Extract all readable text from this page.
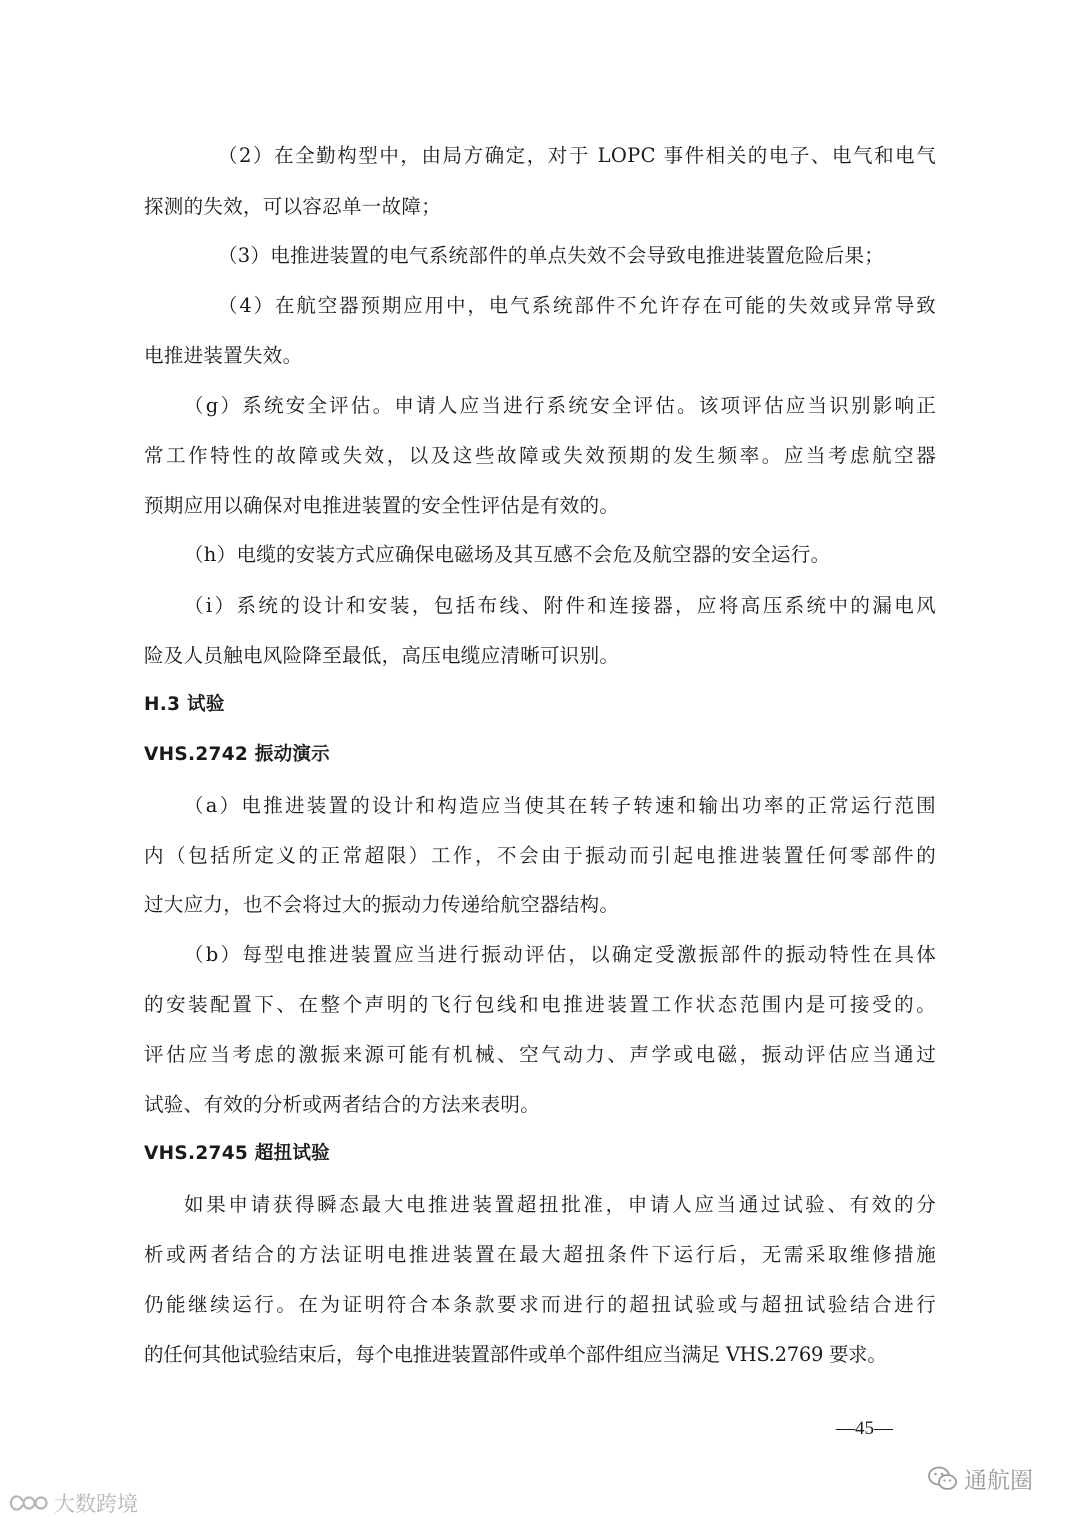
（2）在全勤构型中，由局方确定，对于 LOPC 事件相关的电子、电气和电气
探测的失效，可以容忍单一故障；
（3）电推进装置的电气系统部件的单点失效不会导致电推进装置危险后果；
（4）在航空器预期应用中，电气系统部件不允许存在可能的失效或异常导致
电推进装置失效。
（g）系统安全评估。申请人应当进行系统安全评估。该项评估应当识别影响正
常工作特性的故障或失效，以及这些故障或失效预期的发生频率。应当考虑航空器
预期应用以确保对电推进装置的安全性评估是有效的。
（h）电缆的安装方式应确保电磁场及其互感不会危及航空器的安全运行。
（i）系统的设计和安装，包括布线、附件和连接器，应将高压系统中的漏电风
险及人员触电风险降至最低，高压电缆应清晰可识别。
H.3 试验
VHS.2742 振动演示
（a）电推进装置的设计和构造应当使其在转子转速和输出功率的正常运行范围
内（包括所定义的正常超限）工作，不会由于振动而引起电推进装置任何零部件的
过大应力，也不会将过大的振动力传递给航空器结构。
（b）每型电推进装置应当进行振动评估，以确定受激振部件的振动特性在具体
的安装配置下、在整个声明的飞行包线和电推进装置工作状态范围内是可接受的。
评估应当考虑的激振来源可能有机械、空气动力、声学或电磁，振动评估应当通过
试验、有效的分析或两者结合的方法来表明。
VHS.2745 超扭试验
如果申请获得瞬态最大电推进装置超扭批准，申请人应当通过试验、有效的分
析或两者结合的方法证明电推进装置在最大超扭条件下运行后，无需采取维修措施
仍能继续运行。在为证明符合本条款要求而进行的超扭试验或与超扭试验结合进行
的任何其他试验结束后，每个电推进装置部件或单个部件组应当满足 VHS.2769 要求。
—45—
通航圈
大数跨境
